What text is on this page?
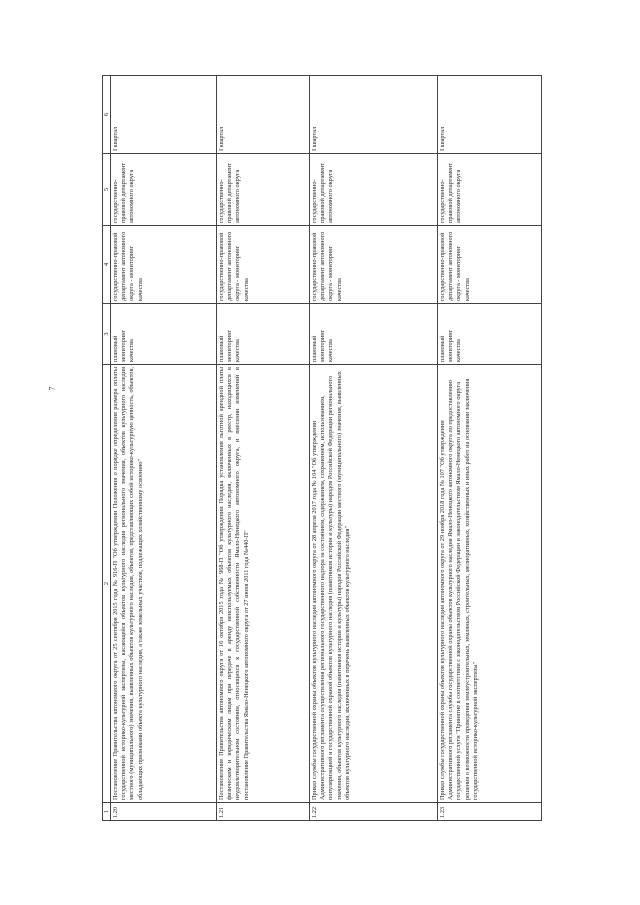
7
1	2	3	4	5	6
1.20	Постановление Правительства автономного округа от 25 сентября 2015 года № 916-П "Об утверждении Положения о порядке определения размера оплаты государственной историко-культурной экспертизы, касающейся объектов культурного наследия регионального значения, объектов культурного наследия местного (муниципального) значения, выявленных объектов культурного наследия, объектов, представляющих собой историко-культурную ценность, объектов, обладающих признаками объекта культурного наследия, а также земельных участков, подлежащих хозяйственному освоению"	плановый мониторинг качества	государственно-правовой департамент автономного округа - мониторинг качества	государственно-правовой департамент автономного округа	I квартал
1.21	Постановление Правительства автономного округа от 16 октября 2015 года № 968-П "Об утверждении Порядка установления льготной арендной платы физическим и юридическим лицам при передаче в аренду неиспользуемых объектов культурного наследия, включенных в реестр, находящихся в неудовлетворительном состоянии, относящихся к государственной собственности Ямало-Ненецкого автономного округа, и внесении изменений в постановление Правительства Ямало-Ненецкого автономного округа от 27 июня 2011 года №440-П"	плановый мониторинг качества	государственно-правовой департамент автономного округа - мониторинг качества	государственно-правовой департамент автономного округа	I квартал
1.22	Приказ службы государственной охраны объектов культурного наследия автономного округа от 28 апреля 2017 года № 104 "Об утверждении Административного регламента осуществления регионального государственного надзора за состоянием, содержанием, сохранением, использованием, популяризацией и государственной охраной объектов культурного наследия (памятников истории и культуры) народов Российской Федерации регионального значения, объектов культурного наследия (памятников истории и культуры) народов Российской Федерации местного (муниципального) значения, выявленных объектов культурного наследия, включенных в перечень выявленных объектов культурного наследия"	плановый мониторинг качества	государственно-правовой департамент автономного округа - мониторинг качества	государственно-правовой департамент автономного округа	I квартал
1.23	Приказ службы государственной охраны объектов культурного наследия автономного округа от 29 ноября 2018 года № 107 "Об утверждении Административного регламента службы государственной охраны объектов культурного наследия Ямало-Ненецкого автономного округа по предоставлению государственной услуги "Принятие в соответствии с законодательством Российской Федерации и законодательством Ямало-Ненецкого автономного округа решения о возможности проведения землеустроительных, земляных, строительных, мелиоративных, хозяйственных и иных работ на основании заключения государственной историко-культурной экспертизы"	плановый мониторинг качества	государственно-правовой департамент автономного округа - мониторинг качества	государственно-правовой департамент автономного округа	I квартал
